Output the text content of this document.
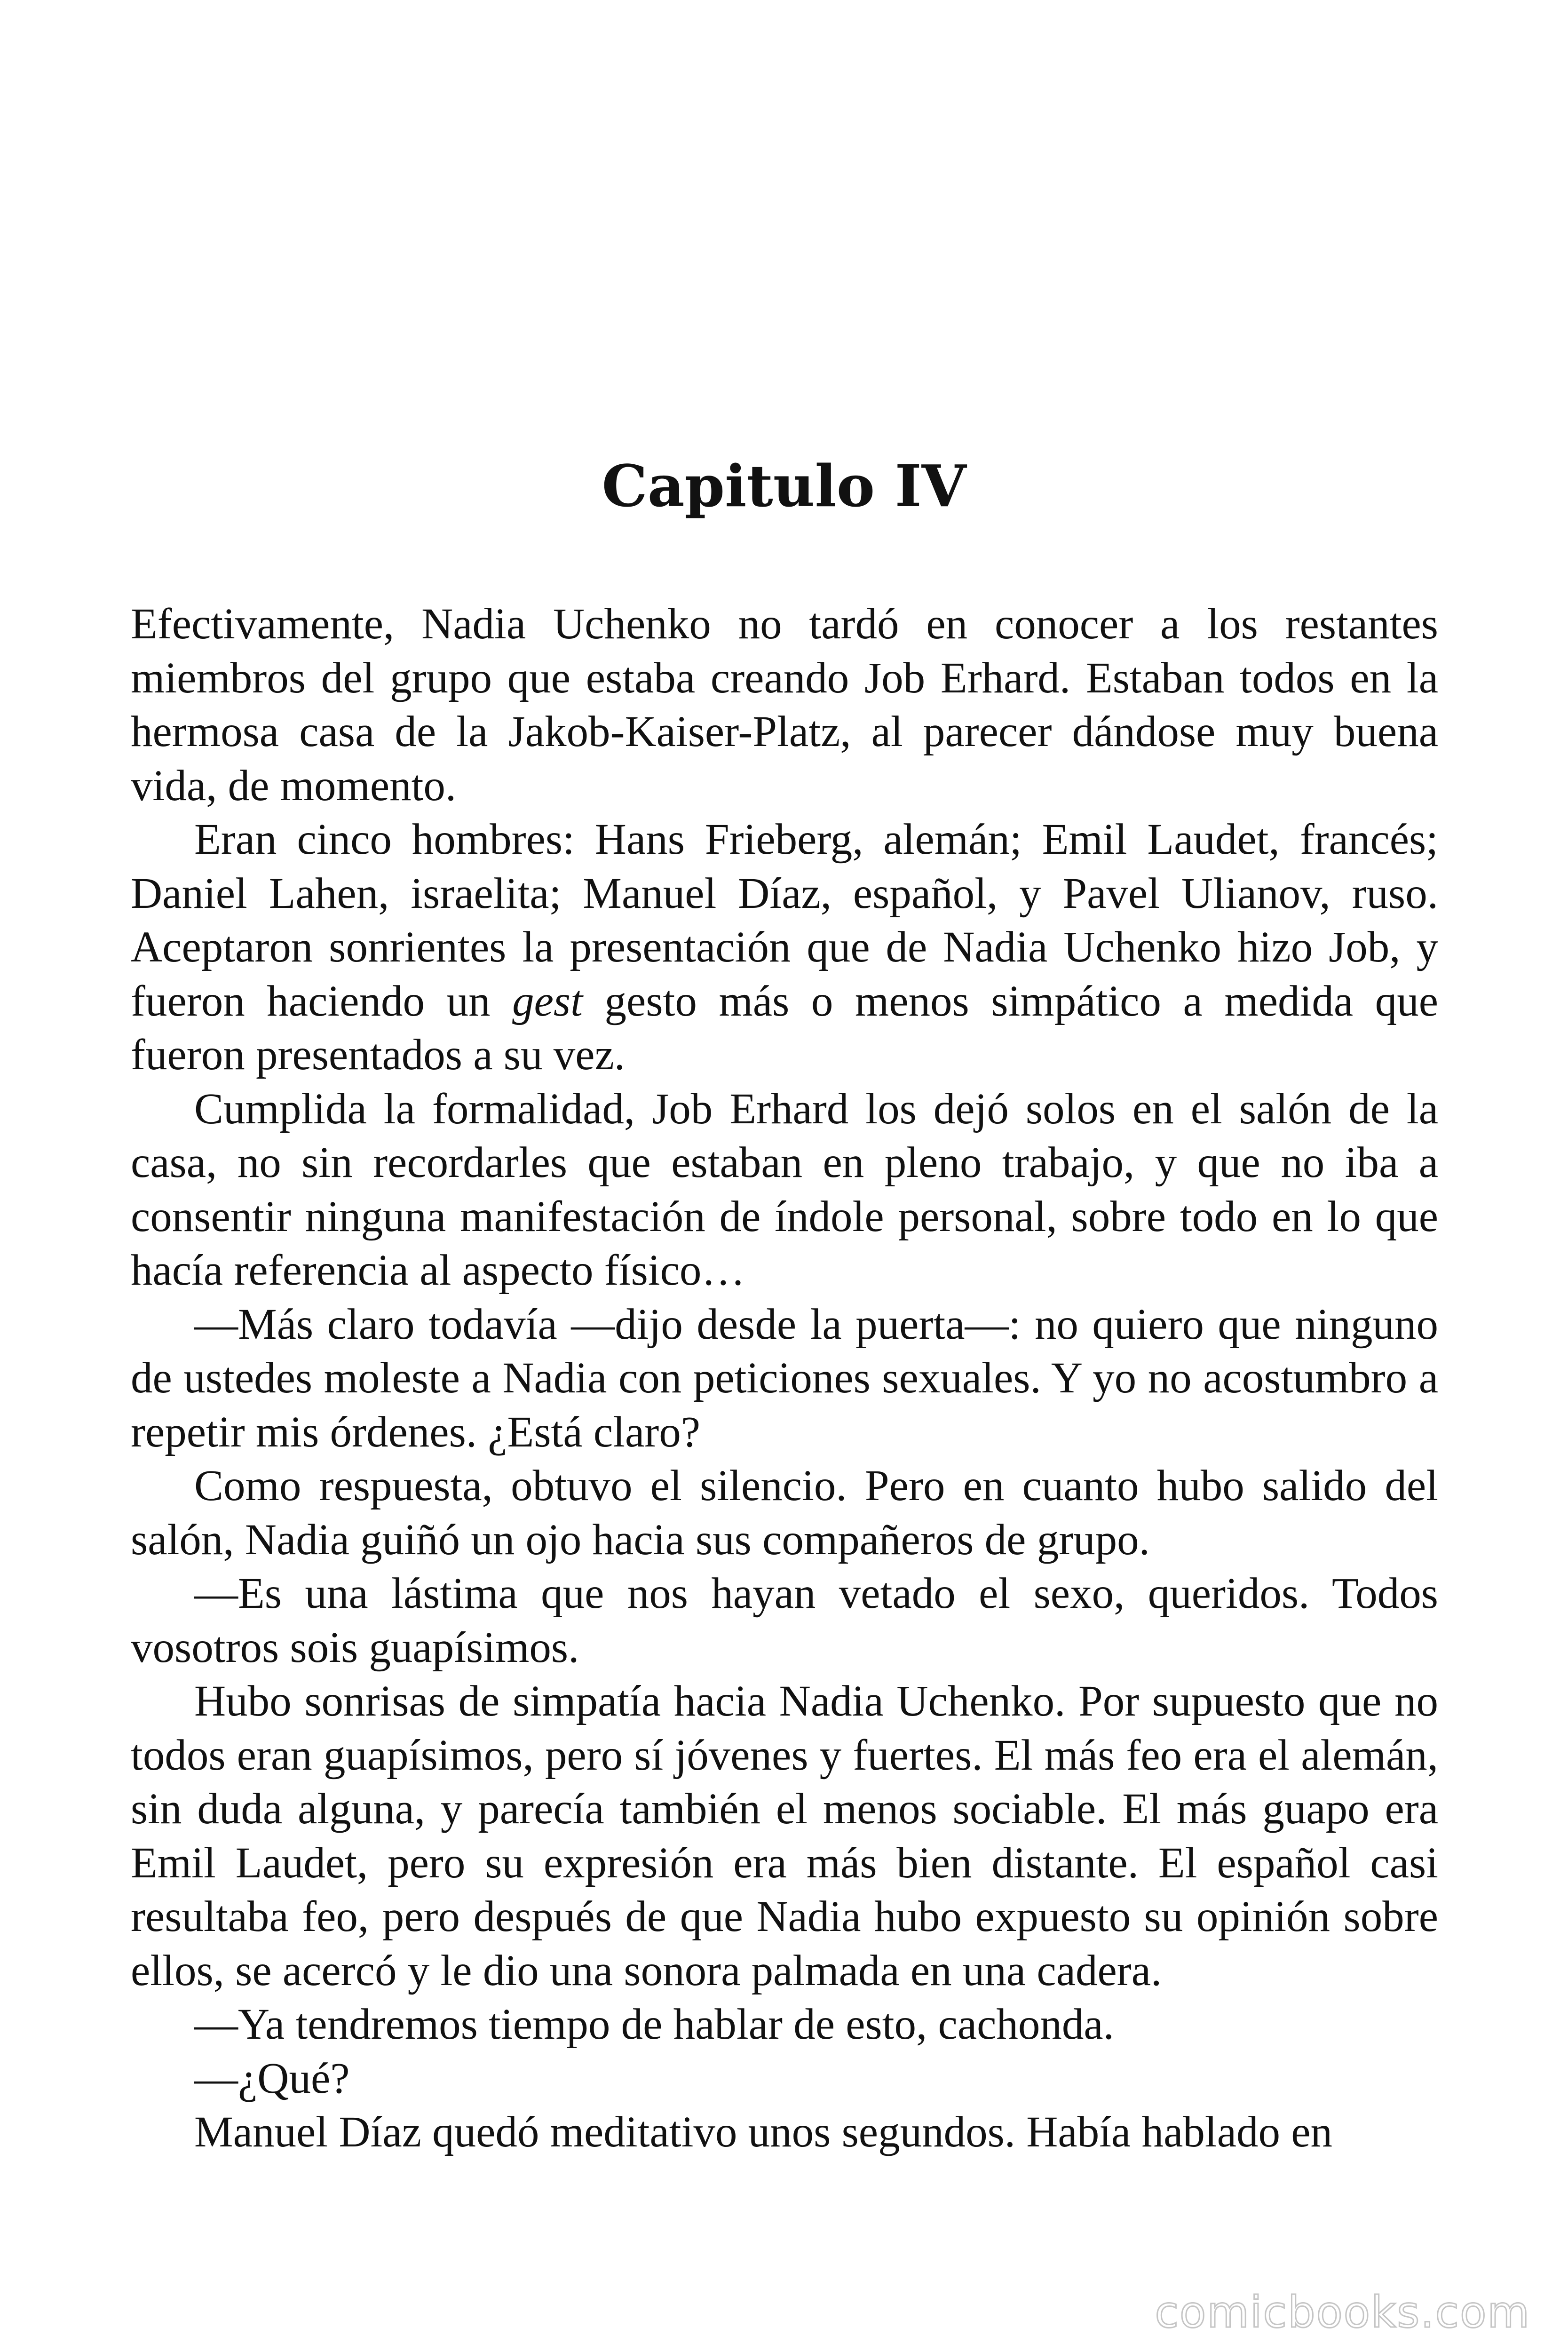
Capitulo IV

Efectivamente, Nadia Uchenko no tardó en conocer a los restantes miembros del grupo que estaba creando Job Erhard. Estaban todos en la hermosa casa de la Jakob-Kaiser-Platz, al parecer dándose muy buena vida, de momento.

Eran cinco hombres: Hans Frieberg, alemán; Emil Laudet, francés; Daniel Lahen, israelita; Manuel Díaz, español, y Pavel Ulianov, ruso. Aceptaron sonrientes la presentación que de Nadia Uchenko hizo Job, y fueron haciendo un gest gesto más o menos simpático a medida que fueron presentados a su vez.

Cumplida la formalidad, Job Erhard los dejó solos en el salón de la casa, no sin recordarles que estaban en pleno trabajo, y que no iba a consentir ninguna manifestación de índole personal, sobre todo en lo que hacía referencia al aspecto físico…

—Más claro todavía —dijo desde la puerta—: no quiero que ninguno de ustedes moleste a Nadia con peticiones sexuales. Y yo no acostumbro a repetir mis órdenes. ¿Está claro?

Como respuesta, obtuvo el silencio. Pero en cuanto hubo salido del salón, Nadia guiñó un ojo hacia sus compañeros de grupo.

—Es una lástima que nos hayan vetado el sexo, queridos. Todos vosotros sois guapísimos.

Hubo sonrisas de simpatía hacia Nadia Uchenko. Por supuesto que no todos eran guapísimos, pero sí jóvenes y fuertes. El más feo era el alemán, sin duda alguna, y parecía también el menos sociable. El más guapo era Emil Laudet, pero su expresión era más bien distante. El español casi resultaba feo, pero después de que Nadia hubo expuesto su opinión sobre ellos, se acercó y le dio una sonora palmada en una cadera.

—Ya tendremos tiempo de hablar de esto, cachonda.

—¿Qué?

Manuel Díaz quedó meditativo unos segundos. Había hablado en

comicbooks.com
